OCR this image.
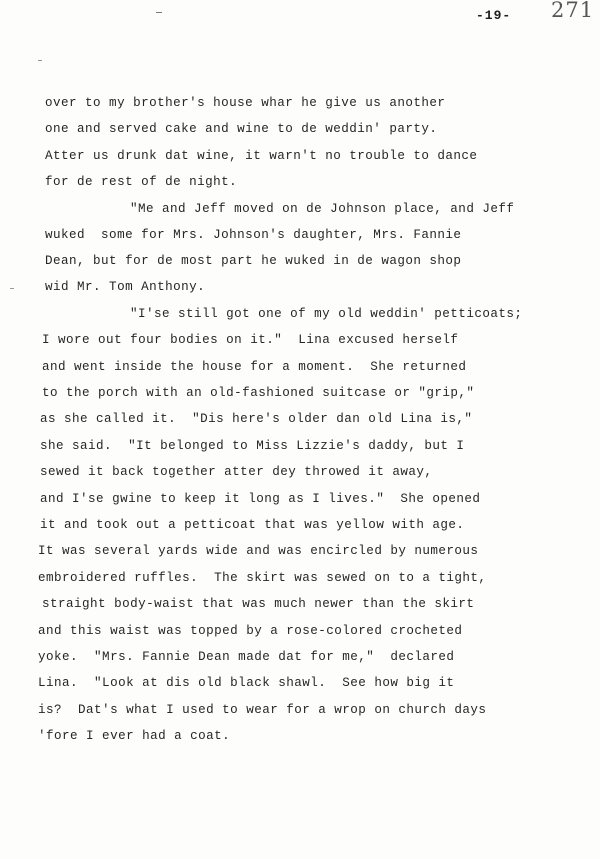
-19- 271
over to my brother's house whar he give us another
one and served cake and wine to de weddin' party.
Atter us drunk dat wine, it warn't no trouble to dance
for de rest of de night.
"Me and Jeff moved on de Johnson place, and Jeff
wuked  some for Mrs. Johnson's daughter, Mrs. Fannie
Dean, but for de most part he wuked in de wagon shop
wid Mr. Tom Anthony.
"I'se still got one of my old weddin' petticoats;
I wore out four bodies on it."  Lina excused herself
and went inside the house for a moment.  She returned
to the porch with an old-fashioned suitcase or "grip,"
as she called it.  "Dis here's older dan old Lina is,"
she said.  "It belonged to Miss Lizzie's daddy, but I
sewed it back together atter dey throwed it away,
and I'se gwine to keep it long as I lives."  She opened
it and took out a petticoat that was yellow with age.
It was several yards wide and was encircled by numerous
embroidered ruffles.  The skirt was sewed on to a tight,
straight body-waist that was much newer than the skirt
and this waist was topped by a rose-colored crocheted
yoke.  "Mrs. Fannie Dean made dat for me,"  declared
Lina.  "Look at dis old black shawl.  See how big it
is?  Dat's what I used to wear for a wrop on church days
'fore I ever had a coat.
